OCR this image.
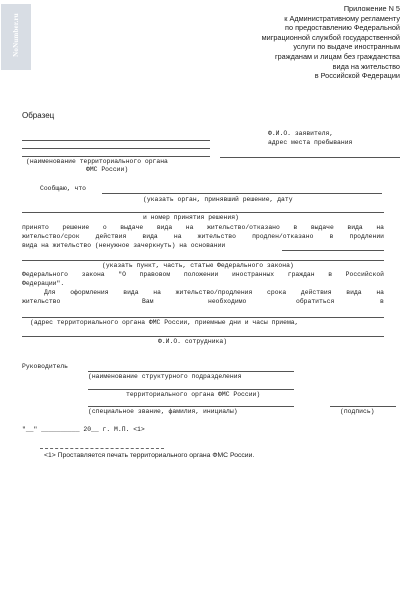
NoNumber.ru
Приложение N 5
к Административному регламенту
по предоставлению Федеральной
миграционной службой государственной
услуги по выдаче иностранным
гражданам и лицам без гражданства
вида на жительство
в Российской Федерации
Образец
(наименование территориального органа
ФМС России)
Ф.И.О. заявителя,
адрес места пребывания
Сообщаю, что
(указать орган, принявший решение, дату
и номер принятия решения)
принято решение о выдаче вида на жительство/отказано в выдаче вида на
жительство/срок действия вида на жительство продлен/отказано в продлении
вида на жительство (ненужное зачеркнуть) на основании
(указать пункт, часть, статью Федерального закона)
Федерального закона "О правовом положении иностранных граждан в Российской
Федерации".
Для оформления вида на жительство/продления срока действия вида на
жительство	Вам	необходимо	обратиться	в
(адрес территориального органа ФМС России, приемные дни и часы приема,
Ф.И.О. сотрудника)
Руководитель
(наименование структурного подразделения
территориального органа ФМС России)
(специальное звание, фамилия, инициалы)	(подпись)
"__" __________ 20__ г. М.П. <1>
<1> Проставляется печать территориального органа ФМС России.
